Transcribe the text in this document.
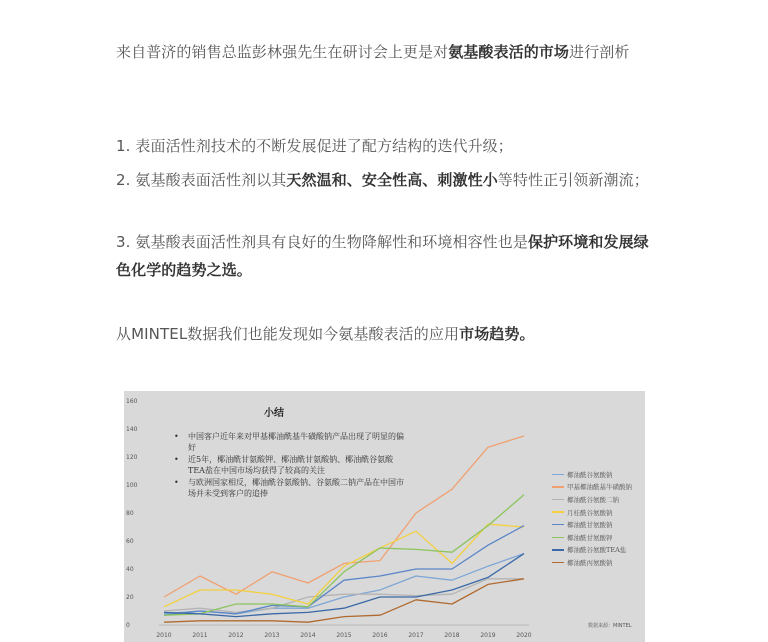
来自普济的销售总监彭林强先生在研讨会上更是对氨基酸表活的市场进行剖析

1. 表面活性剂技术的不断发展促进了配方结构的迭代升级；

2. 氨基酸表面活性剂以其天然温和、安全性高、刺激性小等特性正引领新潮流；

3. 氨基酸表面活性剂具有良好的生物降解性和环境相容性也是保护环境和发展绿色化学的趋势之选。

从MINTEL数据我们也能发现如今氨基酸表活的应用市场趋势。

0
20
40
60
80
100
120
140
160
2010	2011	2012	2013	2014	2015	2016	2017	2018	2019	2020
小结
• 中国客户近年来对甲基椰油酰基牛磺酸钠产品出现了明显的偏好
• 近5年，椰油酰甘氨酸钾、椰油酰甘氨酸钠、椰油酰谷氨酸TEA盐在中国市场均获得了较高的关注
• 与欧洲国家相反，椰油酰谷氨酸钠、谷氨酸二钠产品在中国市场并未受到客户的追捧
椰油酰谷氨酸钠
甲基椰油酰基牛磺酸钠
椰油酰谷氨酸二钠
月桂酰谷氨酸钠
椰油酰甘氨酸钠
椰油酰甘氨酸钾
椰油酰谷氨酸TEA盐
椰油酰丙氨酸钠
数据来源：MINTEL
